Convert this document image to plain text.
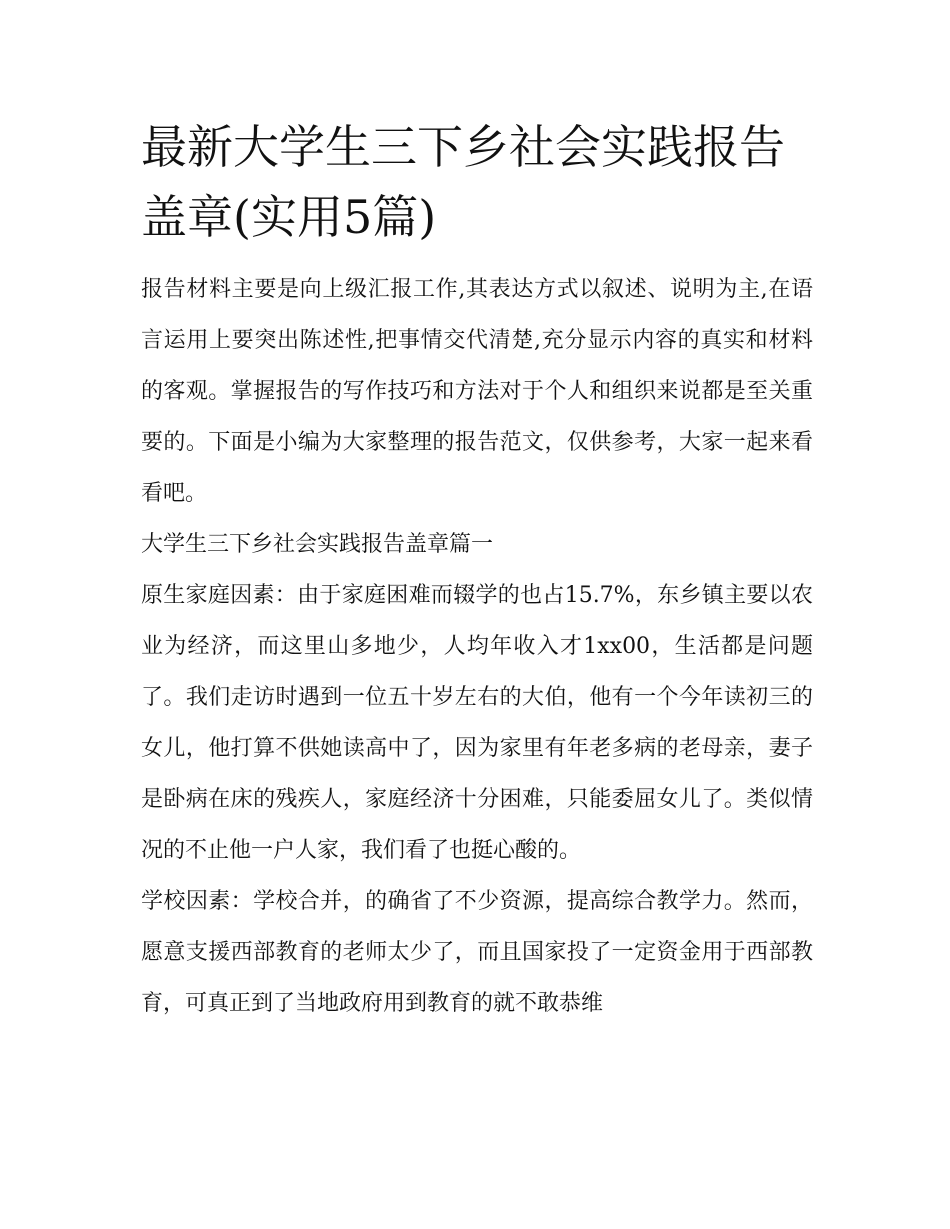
最新大学生三下乡社会实践报告盖章(实用5篇)

报告材料主要是向上级汇报工作,其表达方式以叙述、说明为主,在语言运用上要突出陈述性,把事情交代清楚,充分显示内容的真实和材料的客观。掌握报告的写作技巧和方法对于个人和组织来说都是至关重要的。下面是小编为大家整理的报告范文，仅供参考，大家一起来看看吧。

大学生三下乡社会实践报告盖章篇一

原生家庭因素：由于家庭困难而辍学的也占15.7%，东乡镇主要以农业为经济，而这里山多地少，人均年收入才1xx00，生活都是问题了。我们走访时遇到一位五十岁左右的大伯，他有一个今年读初三的女儿，他打算不供她读高中了，因为家里有年老多病的老母亲，妻子是卧病在床的残疾人，家庭经济十分困难，只能委屈女儿了。类似情况的不止他一户人家，我们看了也挺心酸的。

学校因素：学校合并，的确省了不少资源，提高综合教学力。然而，愿意支援西部教育的老师太少了，而且国家投了一定资金用于西部教育，可真正到了当地政府用到教育的就不敢恭维
